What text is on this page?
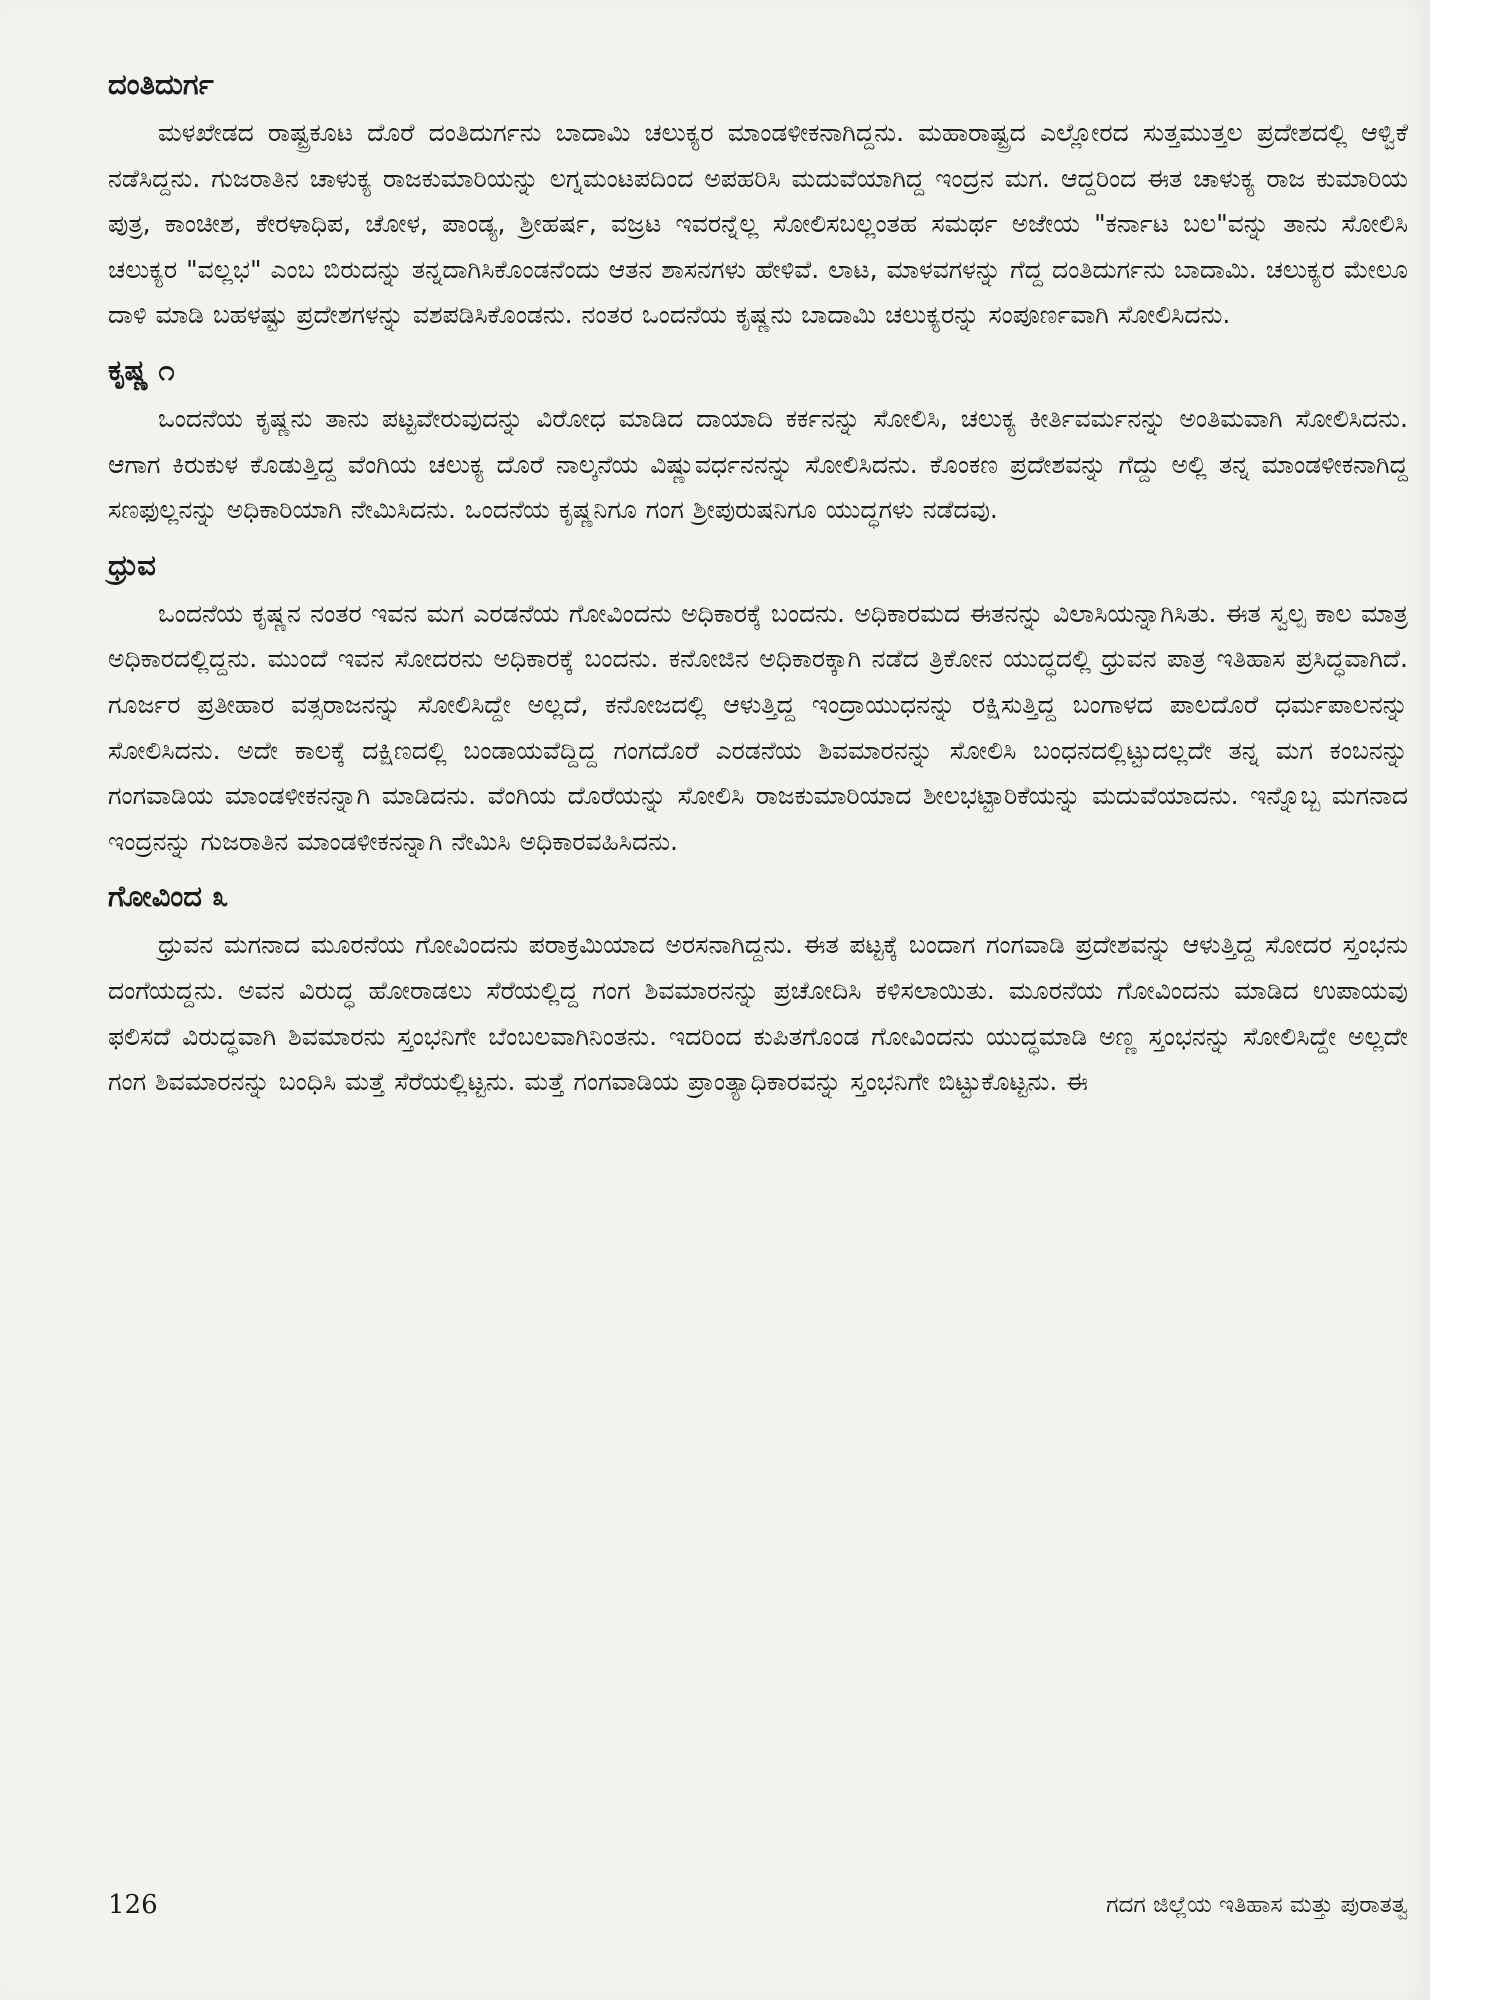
ದಂತಿದುರ್ಗ

ಮಳಖೇಡದ ರಾಷ್ಟ್ರಕೂಟ ದೊರೆ ದಂತಿದುರ್ಗನು ಬಾದಾಮಿ ಚಲುಕ್ಯರ ಮಾಂಡಳೀಕನಾಗಿದ್ದನು. ಮಹಾರಾಷ್ಟ್ರದ ಎಲ್ಲೋರದ ಸುತ್ತಮುತ್ತಲ ಪ್ರದೇಶದಲ್ಲಿ ಆಳ್ವಿಕೆ ನಡೆಸಿದ್ದನು. ಗುಜರಾತಿನ ಚಾಳುಕ್ಯ ರಾಜಕುಮಾರಿಯನ್ನು ಲಗ್ನಮಂಟಪದಿಂದ ಅಪಹರಿಸಿ ಮದುವೆಯಾಗಿದ್ದ ಇಂದ್ರನ ಮಗ. ಆದ್ದರಿಂದ ಈತ ಚಾಳುಕ್ಯ ರಾಜ ಕುಮಾರಿಯ ಪುತ್ರ, ಕಾಂಚೀಶ, ಕೇರಳಾಧಿಪ, ಚೋಳ, ಪಾಂಡ್ಯ, ಶ್ರೀಹರ್ಷ, ವಜ್ರಟ ಇವರನ್ನೆಲ್ಲ ಸೋಲಿಸಬಲ್ಲಂತಹ ಸಮರ್ಥ ಅಜೇಯ "ಕರ್ನಾಟ ಬಲ"ವನ್ನು ತಾನು ಸೋಲಿಸಿ ಚಲುಕ್ಯರ "ವಲ್ಲಭ" ಎಂಬ ಬಿರುದನ್ನು ತನ್ನದಾಗಿಸಿಕೊಂಡನೆಂದು ಆತನ ಶಾಸನಗಳು ಹೇಳಿವೆ. ಲಾಟ, ಮಾಳವಗಳನ್ನು ಗೆದ್ದ ದಂತಿದುರ್ಗನು ಬಾದಾಮಿ. ಚಲುಕ್ಯರ ಮೇಲೂ ದಾಳಿ ಮಾಡಿ ಬಹಳಷ್ಟು ಪ್ರದೇಶಗಳನ್ನು ವಶಪಡಿಸಿಕೊಂಡನು. ನಂತರ ಒಂದನೆಯ ಕೃಷ್ಣನು ಬಾದಾಮಿ ಚಲುಕ್ಯರನ್ನು ಸಂಪೂರ್ಣವಾಗಿ ಸೋಲಿಸಿದನು.

ಕೃಷ್ಣ ೧

ಒಂದನೆಯ ಕೃಷ್ಣನು ತಾನು ಪಟ್ಟವೇರುವುದನ್ನು ವಿರೋಧ ಮಾಡಿದ ದಾಯಾದಿ ಕರ್ಕನನ್ನು ಸೋಲಿಸಿ, ಚಲುಕ್ಯ ಕೀರ್ತಿವರ್ಮನನ್ನು ಅಂತಿಮವಾಗಿ ಸೋಲಿಸಿದನು. ಆಗಾಗ ಕಿರುಕುಳ ಕೊಡುತ್ತಿದ್ದ ವೆಂಗಿಯ ಚಲುಕ್ಯ ದೊರೆ ನಾಲ್ಕನೆಯ ವಿಷ್ಣುವರ್ಧನನನ್ನು ಸೋಲಿಸಿದನು. ಕೊಂಕಣ ಪ್ರದೇಶವನ್ನು ಗೆದ್ದು ಅಲ್ಲಿ ತನ್ನ ಮಾಂಡಳೀಕನಾಗಿದ್ದ ಸಣಫುಲ್ಲನನ್ನು ಅಧಿಕಾರಿಯಾಗಿ ನೇಮಿಸಿದನು. ಒಂದನೆಯ ಕೃಷ್ಣನಿಗೂ ಗಂಗ ಶ್ರೀಪುರುಷನಿಗೂ ಯುದ್ಧಗಳು ನಡೆದವು.

ಧ್ರುವ

ಒಂದನೆಯ ಕೃಷ್ಣನ ನಂತರ ಇವನ ಮಗ ಎರಡನೆಯ ಗೋವಿಂದನು ಅಧಿಕಾರಕ್ಕೆ ಬಂದನು. ಅಧಿಕಾರಮದ ಈತನನ್ನು ವಿಲಾಸಿಯನ್ನಾಗಿಸಿತು. ಈತ ಸ್ವಲ್ಪ ಕಾಲ ಮಾತ್ರ ಅಧಿಕಾರದಲ್ಲಿದ್ದನು. ಮುಂದೆ ಇವನ ಸೋದರನು ಅಧಿಕಾರಕ್ಕೆ ಬಂದನು. ಕನೋಜಿನ ಅಧಿಕಾರಕ್ಕಾಗಿ ನಡೆದ ತ್ರಿಕೋನ ಯುದ್ಧದಲ್ಲಿ ಧ್ರುವನ ಪಾತ್ರ ಇತಿಹಾಸ ಪ್ರಸಿದ್ಧವಾಗಿದೆ. ಗೂರ್ಜರ ಪ್ರತೀಹಾರ ವತ್ಸರಾಜನನ್ನು ಸೋಲಿಸಿದ್ದೇ ಅಲ್ಲದೆ, ಕನೋಜದಲ್ಲಿ ಆಳುತ್ತಿದ್ದ ಇಂದ್ರಾಯುಧನನ್ನು ರಕ್ಷಿಸುತ್ತಿದ್ದ ಬಂಗಾಳದ ಪಾಲದೊರೆ ಧರ್ಮಪಾಲನನ್ನು ಸೋಲಿಸಿದನು. ಅದೇ ಕಾಲಕ್ಕೆ ದಕ್ಷಿಣದಲ್ಲಿ ಬಂಡಾಯವೆದ್ದಿದ್ದ ಗಂಗದೊರೆ ಎರಡನೆಯ ಶಿವಮಾರನನ್ನು ಸೋಲಿಸಿ ಬಂಧನದಲ್ಲಿಟ್ಟುದಲ್ಲದೇ ತನ್ನ ಮಗ ಕಂಬನನ್ನು ಗಂಗವಾಡಿಯ ಮಾಂಡಳೀಕನನ್ನಾಗಿ ಮಾಡಿದನು. ವೆಂಗಿಯ ದೊರೆಯನ್ನು ಸೋಲಿಸಿ ರಾಜಕುಮಾರಿಯಾದ ಶೀಲಭಟ್ಟಾರಿಕೆಯನ್ನು ಮದುವೆಯಾದನು. ಇನ್ನೊಬ್ಬ ಮಗನಾದ ಇಂದ್ರನನ್ನು ಗುಜರಾತಿನ ಮಾಂಡಳೀಕನನ್ನಾಗಿ ನೇಮಿಸಿ ಅಧಿಕಾರವಹಿಸಿದನು.

ಗೋವಿಂದ ೩

ಧ್ರುವನ ಮಗನಾದ ಮೂರನೆಯ ಗೋವಿಂದನು ಪರಾಕ್ರಮಿಯಾದ ಅರಸನಾಗಿದ್ದನು. ಈತ ಪಟ್ಟಕ್ಕೆ ಬಂದಾಗ ಗಂಗವಾಡಿ ಪ್ರದೇಶವನ್ನು ಆಳುತ್ತಿದ್ದ ಸೋದರ ಸ್ತಂಭನು ದಂಗೆಯದ್ದನು. ಅವನ ವಿರುದ್ಧ ಹೋರಾಡಲು ಸೆರೆಯಲ್ಲಿದ್ದ ಗಂಗ ಶಿವಮಾರನನ್ನು ಪ್ರಚೋದಿಸಿ ಕಳಿಸಲಾಯಿತು. ಮೂರನೆಯ ಗೋವಿಂದನು ಮಾಡಿದ ಉಪಾಯವು ಫಲಿಸದೆ ವಿರುದ್ಧವಾಗಿ ಶಿವಮಾರನು ಸ್ತಂಭನಿಗೇ ಬೆಂಬಲವಾಗಿನಿಂತನು. ಇದರಿಂದ ಕುಪಿತಗೊಂಡ ಗೋವಿಂದನು ಯುದ್ಧಮಾಡಿ ಅಣ್ಣ ಸ್ತಂಭನನ್ನು ಸೋಲಿಸಿದ್ದೇ ಅಲ್ಲದೇ ಗಂಗ ಶಿವಮಾರನನ್ನು ಬಂಧಿಸಿ ಮತ್ತೆ ಸೆರೆಯಲ್ಲಿಟ್ಟನು. ಮತ್ತೆ ಗಂಗವಾಡಿಯ ಪ್ರಾಂತ್ಯಾಧಿಕಾರವನ್ನು ಸ್ತಂಭನಿಗೇ ಬಿಟ್ಟುಕೊಟ್ಟನು. ಈ

126	ಗದಗ ಜಿಲ್ಲೆಯ ಇತಿಹಾಸ ಮತ್ತು ಪುರಾತತ್ವ
